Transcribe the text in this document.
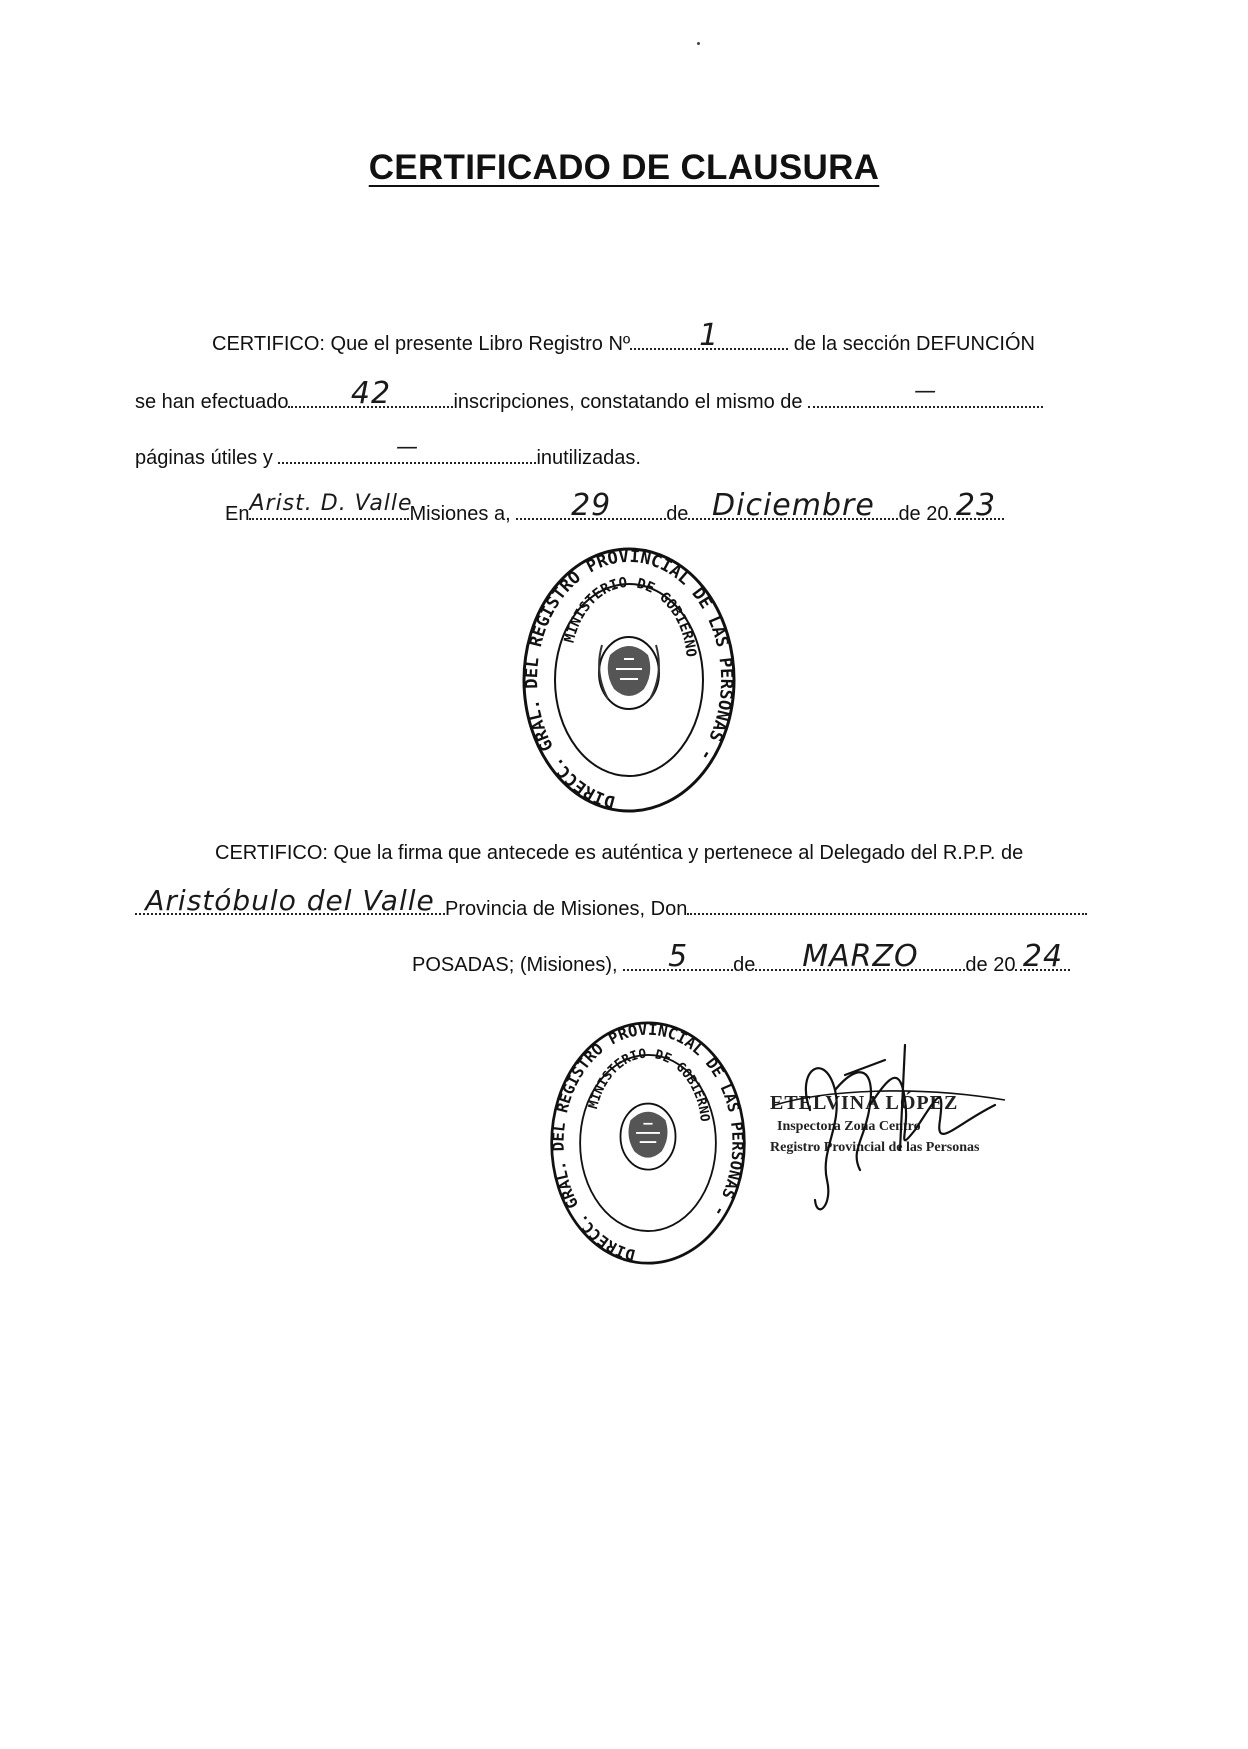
CERTIFICADO DE CLAUSURA
CERTIFICO: Que el presente Libro Registro Nº	1	de la sección DEFUNCIÓN
se han efectuado	42	inscripciones, constatando el mismo de	—
páginas útiles y	—	inutilizadas.
En Arist. D. Valle
Misiones a,	29	de Diciembre	de 20 23
DIRECC. GRAL. DEL REGISTRO PROVINCIAL DE LAS PERSONAS -
MINISTERIO DE GOBIERNO
CERTIFICO: Que la firma que antecede es auténtica y pertenece al Delegado del R.P.P. de
Aristóbulo del Valle Provincia de Misiones, Don
POSADAS; (Misiones),	5	de	MARZO	de 20 24
DIRECC. GRAL. DEL REGISTRO PROVINCIAL DE LAS PERSONAS -
MINISTERIO DE GOBIERNO
ETELVINA LÓPEZ
Inspectora Zona Centro
Registro Provincial de las Personas
